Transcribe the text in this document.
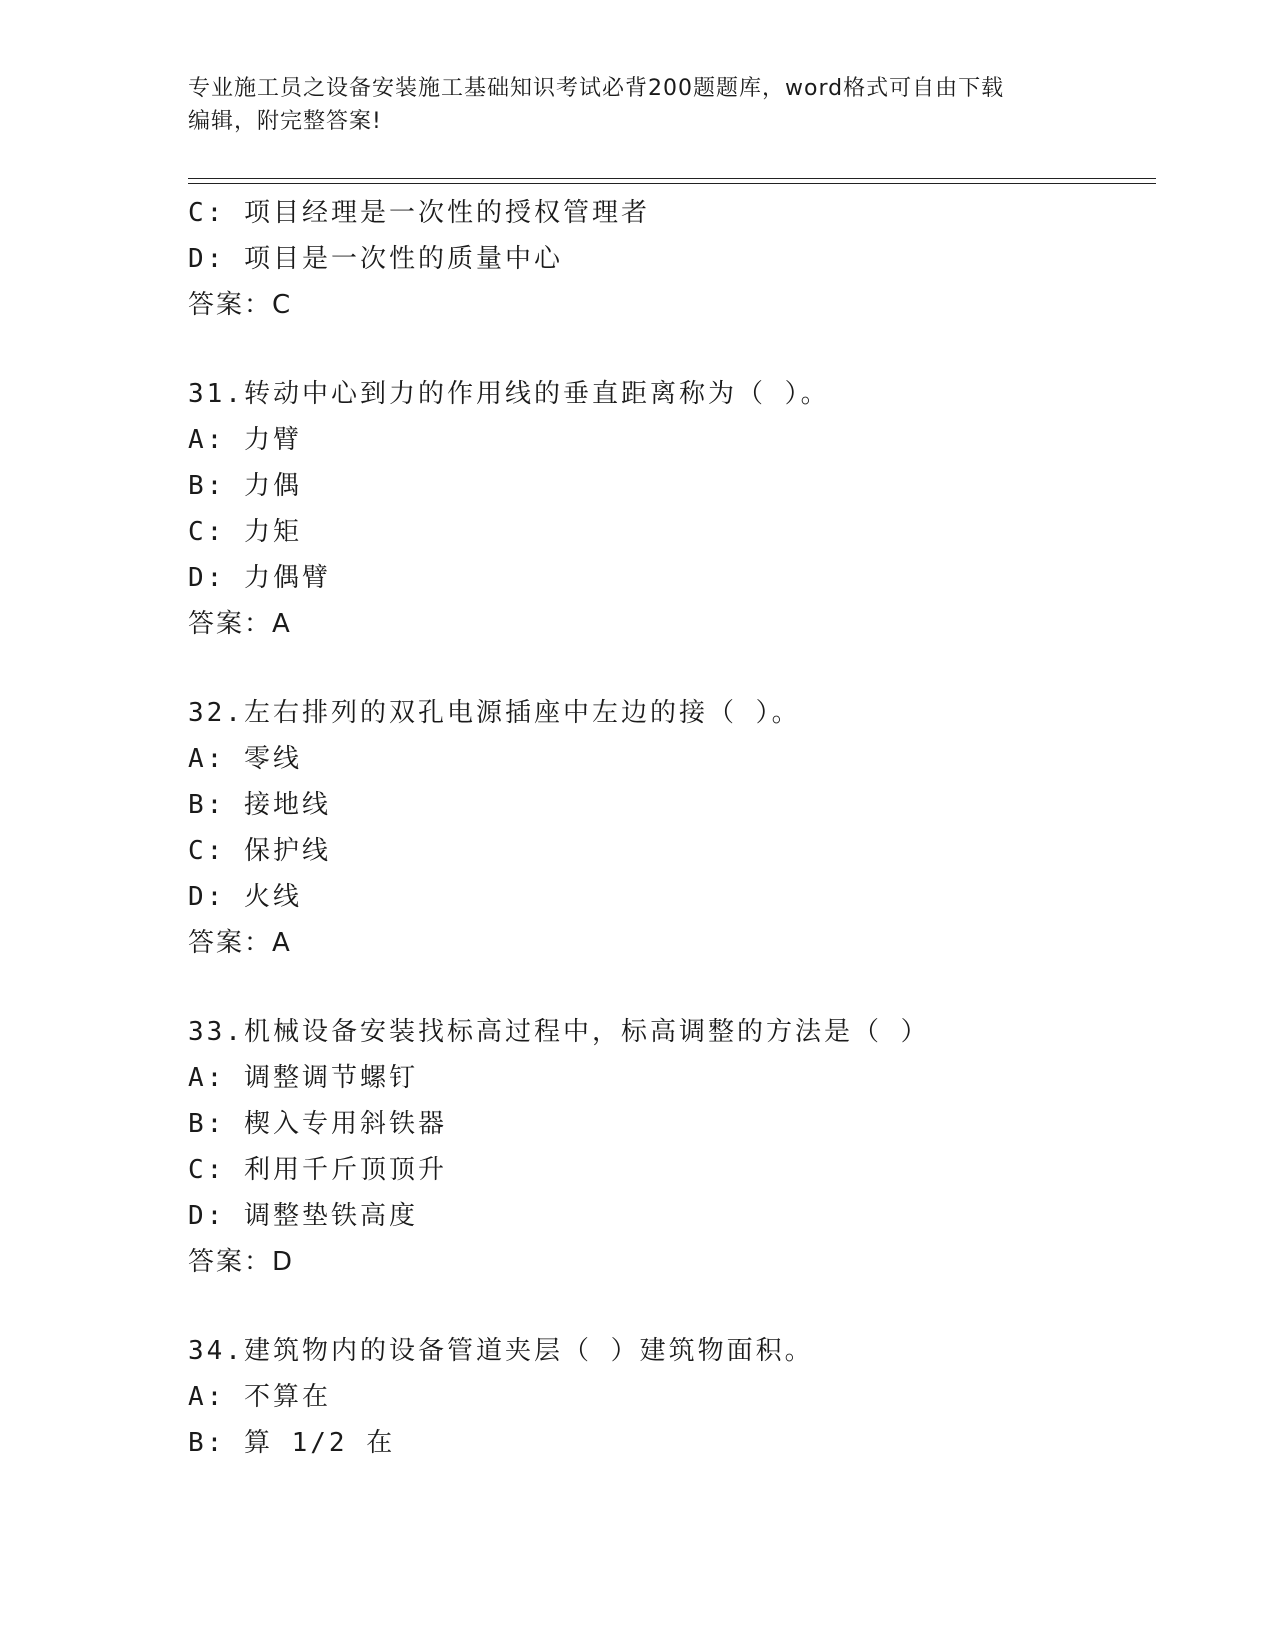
专业施工员之设备安装施工基础知识考试必背200题题库，word格式可自由下载
编辑，附完整答案!
C: 项目经理是一次性的授权管理者
D: 项目是一次性的质量中心
答案：C
31.转动中心到力的作用线的垂直距离称为（ ）。
A: 力臂
B: 力偶
C: 力矩
D: 力偶臂
答案：A
32.左右排列的双孔电源插座中左边的接（ ）。
A: 零线
B: 接地线
C: 保护线
D: 火线
答案：A
33.机械设备安装找标高过程中，标高调整的方法是（ ）
A: 调整调节螺钉
B: 楔入专用斜铁器
C: 利用千斤顶顶升
D: 调整垫铁高度
答案：D
34.建筑物内的设备管道夹层（ ）建筑物面积。
A: 不算在
B: 算 1/2 在
